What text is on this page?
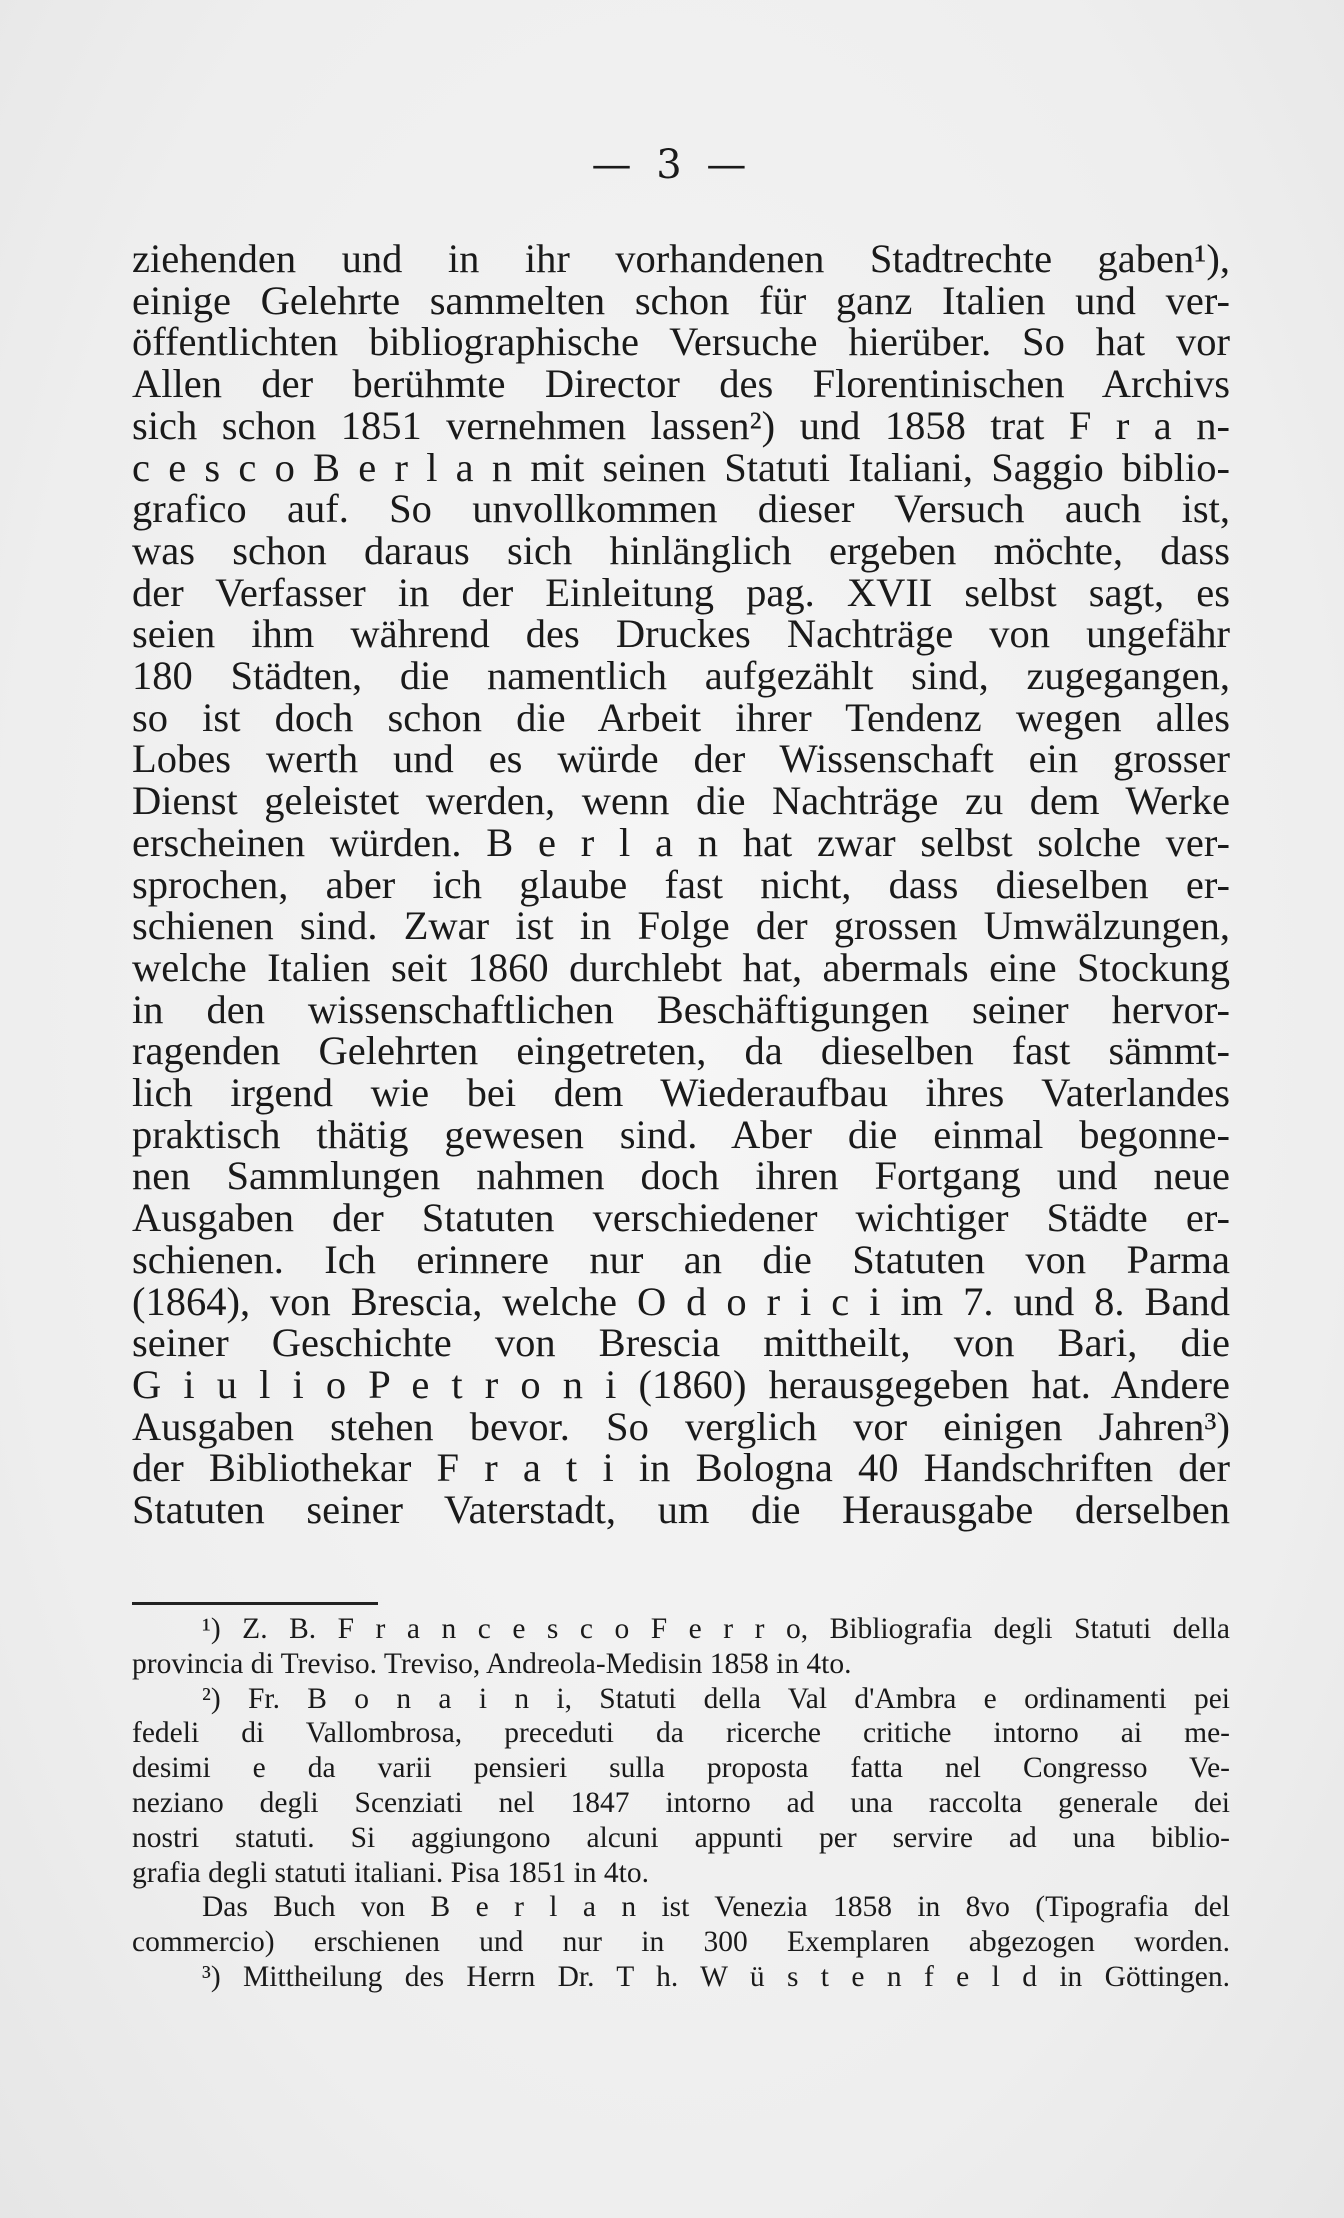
— 3 —
ziehenden und in ihr vorhandenen Stadtrechte gaben¹),
einige Gelehrte sammelten schon für ganz Italien und ver-
öffentlichten bibliographische Versuche hierüber. So hat vor
Allen der berühmte Director des Florentinischen Archivs
sich schon 1851 vernehmen lassen²) und 1858 trat F r a n-
c e s c o B e r l a n mit seinen Statuti Italiani, Saggio biblio-
grafico auf. So unvollkommen dieser Versuch auch ist,
was schon daraus sich hinlänglich ergeben möchte, dass
der Verfasser in der Einleitung pag. XVII selbst sagt, es
seien ihm während des Druckes Nachträge von ungefähr
180 Städten, die namentlich aufgezählt sind, zugegangen,
so ist doch schon die Arbeit ihrer Tendenz wegen alles
Lobes werth und es würde der Wissenschaft ein grosser
Dienst geleistet werden, wenn die Nachträge zu dem Werke
erscheinen würden. B e r l a n hat zwar selbst solche ver-
sprochen, aber ich glaube fast nicht, dass dieselben er-
schienen sind. Zwar ist in Folge der grossen Umwälzungen,
welche Italien seit 1860 durchlebt hat, abermals eine Stockung
in den wissenschaftlichen Beschäftigungen seiner hervor-
ragenden Gelehrten eingetreten, da dieselben fast sämmt-
lich irgend wie bei dem Wiederaufbau ihres Vaterlandes
praktisch thätig gewesen sind. Aber die einmal begonne-
nen Sammlungen nahmen doch ihren Fortgang und neue
Ausgaben der Statuten verschiedener wichtiger Städte er-
schienen. Ich erinnere nur an die Statuten von Parma
(1864), von Brescia, welche O d o r i c i im 7. und 8. Band
seiner Geschichte von Brescia mittheilt, von Bari, die
G i u l i o P e t r o n i (1860) herausgegeben hat. Andere
Ausgaben stehen bevor. So verglich vor einigen Jahren³)
der Bibliothekar F r a t i in Bologna 40 Handschriften der
Statuten seiner Vaterstadt, um die Herausgabe derselben
¹) Z. B. F r a n c e s c o F e r r o, Bibliografia degli Statuti della
provincia di Treviso. Treviso, Andreola-Medisin 1858 in 4to.
²) Fr. B o n a i n i, Statuti della Val d'Ambra e ordinamenti pei
fedeli di Vallombrosa, preceduti da ricerche critiche intorno ai me-
desimi e da varii pensieri sulla proposta fatta nel Congresso Ve-
neziano degli Scenziati nel 1847 intorno ad una raccolta generale dei
nostri statuti. Si aggiungono alcuni appunti per servire ad una biblio-
grafia degli statuti italiani. Pisa 1851 in 4to.
Das Buch von B e r l a n ist Venezia 1858 in 8vo (Tipografia del
commercio) erschienen und nur in 300 Exemplaren abgezogen worden.
³) Mittheilung des Herrn Dr. T h. W ü s t e n f e l d in Göttingen.
